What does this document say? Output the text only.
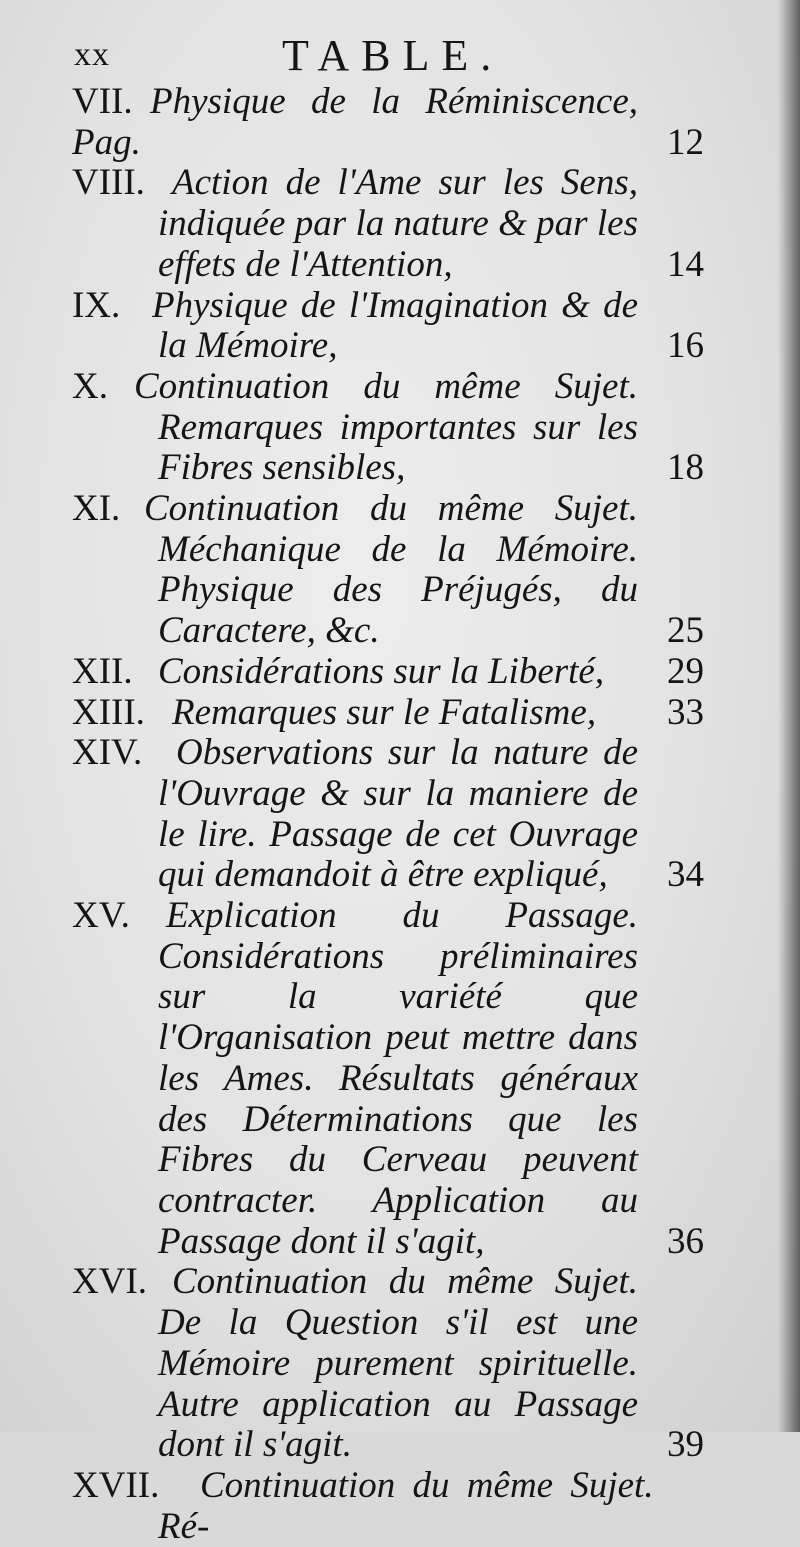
xx	TABLE.
VII. Physique de la Réminiscence, Pag.	12
VIII. Action de l'Ame sur les Sens, indiquée par la nature & par les effets de l'Attention,	14
IX. Physique de l'Imagination & de la Mémoire,	16
X. Continuation du même Sujet. Remarques importantes sur les Fibres sensibles,	18
XI. Continuation du même Sujet. Méchanique de la Mémoire. Physique des Préjugés, du Caractere, &c.	25
XII. Considérations sur la Liberté,	29
XIII. Remarques sur le Fatalisme,	33
XIV. Observations sur la nature de l'Ouvrage & sur la maniere de le lire. Passage de cet Ouvrage qui demandoit à être expliqué,	34
XV. Explication du Passage. Considérations préliminaires sur la variété que l'Organisation peut mettre dans les Ames. Résultats généraux des Déterminations que les Fibres du Cerveau peuvent contracter. Application au Passage dont il s'agit,	36
XVI. Continuation du même Sujet. De la Question s'il est une Mémoire purement spirituelle. Autre application au Passage dont il s'agit.	39
XVII.	Continuation du même Sujet. Ré-
